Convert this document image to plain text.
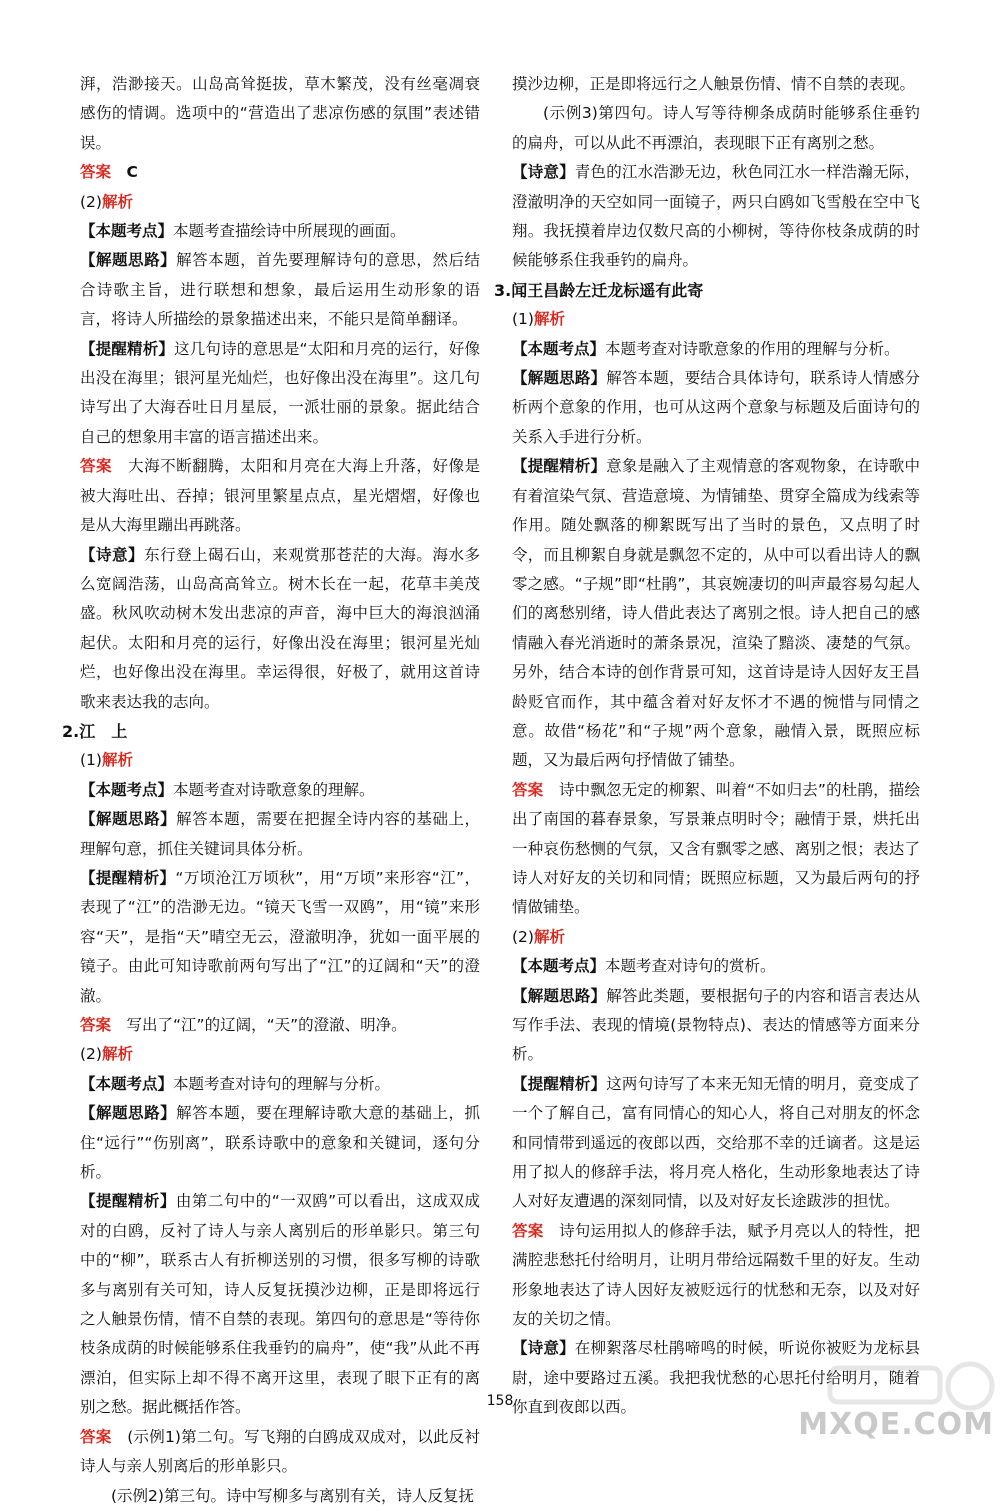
湃，浩渺接天。山岛高耸挺拔，草木繁茂，没有丝毫凋衰感伤的情调。选项中的“营造出了悲凉伤感的氛围”表述错误。

答案　 C

(2)解析

【本题考点】本题考查描绘诗中所展现的画面。

【解题思路】解答本题，首先要理解诗句的意思，然后结合诗歌主旨，进行联想和想象，最后运用生动形象的语言，将诗人所描绘的景象描述出来，不能只是简单翻译。

【提醒精析】这几句诗的意思是“太阳和月亮的运行，好像出没在海里；银河星光灿烂，也好像出没在海里”。这几句诗写出了大海吞吐日月星辰，一派壮丽的景象。据此结合自己的想象用丰富的语言描述出来。

答案　 大海不断翻腾，太阳和月亮在大海上升落，好像是被大海吐出、吞掉；银河里繁星点点，星光熠熠，好像也是从大海里蹦出再跳落。

【诗意】东行登上碣石山，来观赏那苍茫的大海。海水多么宽阔浩荡，山岛高高耸立。树木长在一起，花草丰美茂盛。秋风吹动树木发出悲凉的声音，海中巨大的海浪汹涌起伏。太阳和月亮的运行，好像出没在海里；银河星光灿烂，也好像出没在海里。幸运得很，好极了，就用这首诗歌来表达我的志向。

2.江　上

(1)解析

【本题考点】本题考查对诗歌意象的理解。

【解题思路】解答本题，需要在把握全诗内容的基础上，理解句意，抓住关键词具体分析。

【提醒精析】“万顷沧江万顷秋”，用“万顷”来形容“江”，表现了“江”的浩渺无边。“镜天飞雪一双鸥”，用“镜”来形容“天”，是指“天”晴空无云，澄澈明净，犹如一面平展的镜子。由此可知诗歌前两句写出了“江”的辽阔和“天”的澄澈。

答案　 写出了“江”的辽阔，“天”的澄澈、明净。

(2)解析

【本题考点】本题考查对诗句的理解与分析。

【解题思路】解答本题，要在理解诗歌大意的基础上，抓住“远行”“伤别离”，联系诗歌中的意象和关键词，逐句分析。

【提醒精析】由第二句中的“一双鸥”可以看出，这成双成对的白鸥，反衬了诗人与亲人离别后的形单影只。第三句中的“柳”，联系古人有折柳送别的习惯，很多写柳的诗歌多与离别有关可知，诗人反复抚摸沙边柳，正是即将远行之人触景伤情，情不自禁的表现。第四句的意思是“等待你枝条成荫的时候能够系住我垂钓的扁舟”，使“我”从此不再漂泊，但实际上却不得不离开这里，表现了眼下正有的离别之愁。据此概括作答。

答案　 (示例1)第二句。写飞翔的白鸥成双成对，以此反衬诗人与亲人别离后的形单影只。

(示例2)第三句。诗中写柳多与离别有关，诗人反复抚

摸沙边柳，正是即将远行之人触景伤情、情不自禁的表现。

(示例3)第四句。诗人写等待柳条成荫时能够系住垂钓的扁舟，可以从此不再漂泊，表现眼下正有离别之愁。

【诗意】青色的江水浩渺无边，秋色同江水一样浩瀚无际，澄澈明净的天空如同一面镜子，两只白鸥如飞雪般在空中飞翔。我抚摸着岸边仅数尺高的小柳树，等待你枝条成荫的时候能够系住我垂钓的扁舟。

3.闻王昌龄左迁龙标遥有此寄

(1)解析

【本题考点】本题考查对诗歌意象的作用的理解与分析。

【解题思路】解答本题，要结合具体诗句，联系诗人情感分析两个意象的作用，也可从这两个意象与标题及后面诗句的关系入手进行分析。

【提醒精析】意象是融入了主观情意的客观物象，在诗歌中有着渲染气氛、营造意境、为情铺垫、贯穿全篇成为线索等作用。随处飘落的柳絮既写出了当时的景色，又点明了时令，而且柳絮自身就是飘忽不定的，从中可以看出诗人的飘零之感。“子规”即“杜鹃”，其哀婉凄切的叫声最容易勾起人们的离愁别绪，诗人借此表达了离别之恨。诗人把自己的感情融入春光消逝时的萧条景况，渲染了黯淡、凄楚的气氛。另外，结合本诗的创作背景可知，这首诗是诗人因好友王昌龄贬官而作，其中蕴含着对好友怀才不遇的惋惜与同情之意。故借“杨花”和“子规”两个意象，融情入景，既照应标题，又为最后两句抒情做了铺垫。

答案　 诗中飘忽无定的柳絮、叫着“不如归去”的杜鹃，描绘出了南国的暮春景象，写景兼点明时令；融情于景，烘托出一种哀伤愁恻的气氛，又含有飘零之感、离别之恨；表达了诗人对好友的关切和同情；既照应标题，又为最后两句的抒情做铺垫。

(2)解析

【本题考点】本题考查对诗句的赏析。

【解题思路】解答此类题，要根据句子的内容和语言表达从写作手法、表现的情境(景物特点)、表达的情感等方面来分析。

【提醒精析】这两句诗写了本来无知无情的明月，竟变成了一个了解自己，富有同情心的知心人，将自己对朋友的怀念和同情带到遥远的夜郎以西，交给那不幸的迁谪者。这是运用了拟人的修辞手法，将月亮人格化，生动形象地表达了诗人对好友遭遇的深刻同情，以及对好友长途跋涉的担忧。

答案　 诗句运用拟人的修辞手法，赋予月亮以人的特性，把满腔悲愁托付给明月，让明月带给远隔数千里的好友。生动形象地表达了诗人因好友被贬远行的忧愁和无奈，以及对好友的关切之情。

【诗意】在柳絮落尽杜鹃啼鸣的时候，听说你被贬为龙标县尉，途中要路过五溪。我把我忧愁的心思托付给明月，随着你直到夜郎以西。

158
MXQE.COM
